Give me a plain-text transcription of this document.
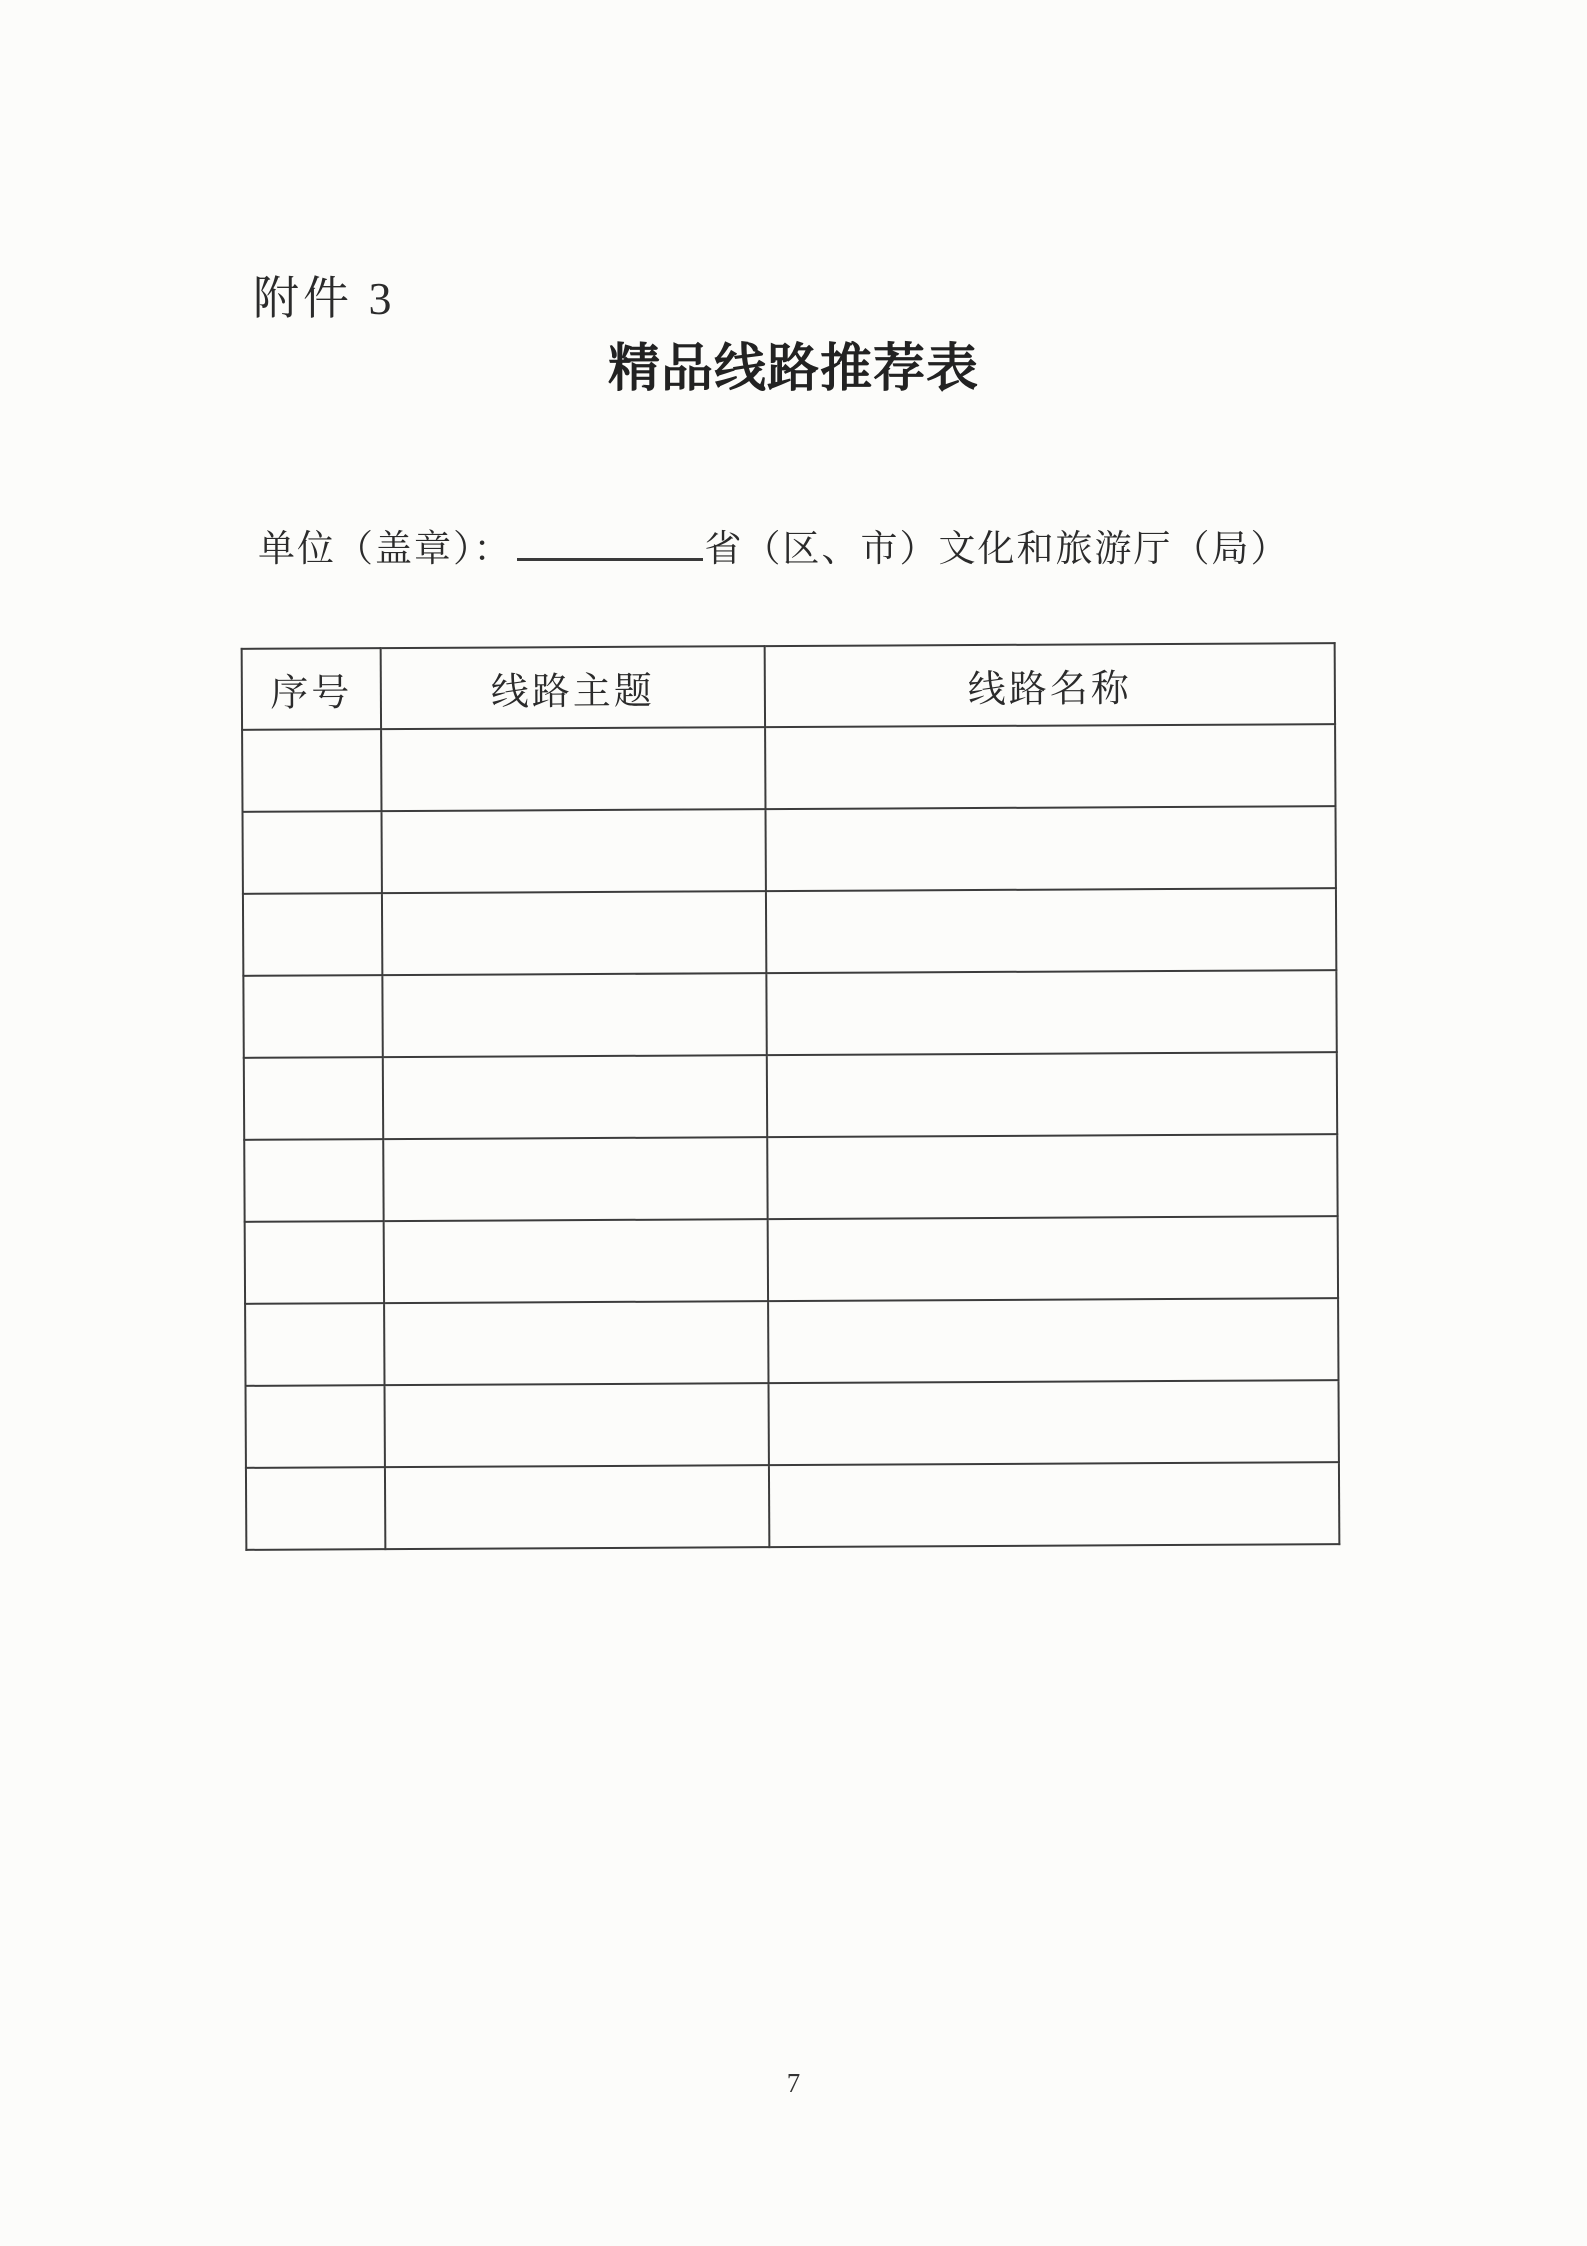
附件 3
精品线路推荐表

单位（盖章）：	省（区、市）文化和旅游厅（局）

序号	线路主题	线路名称

7
